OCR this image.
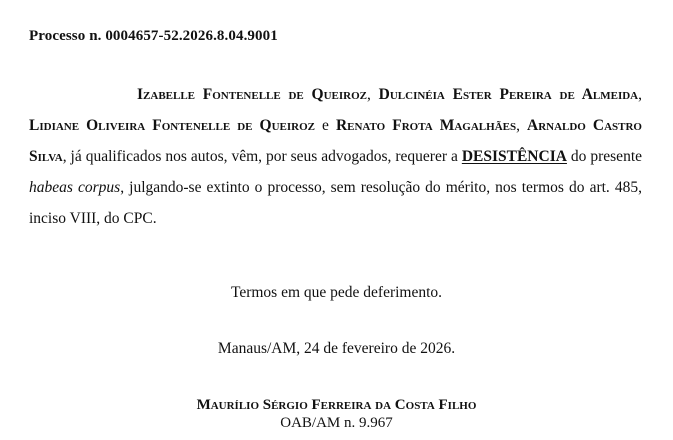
Processo n. 0004657-52.2026.8.04.9001
Izabelle Fontenelle de Queiroz, Dulcinéia Ester Pereira de Almeida, Lidiane Oliveira Fontenelle de Queiroz e Renato Frota Magalhães, Arnaldo Castro Silva, já qualificados nos autos, vêm, por seus advogados, requerer a DESISTÊNCIA do presente habeas corpus, julgando-se extinto o processo, sem resolução do mérito, nos termos do art. 485, inciso VIII, do CPC.
Termos em que pede deferimento.
Manaus/AM, 24 de fevereiro de 2026.
Maurílio Sérgio Ferreira da Costa Filho
OAB/AM n. 9.967
